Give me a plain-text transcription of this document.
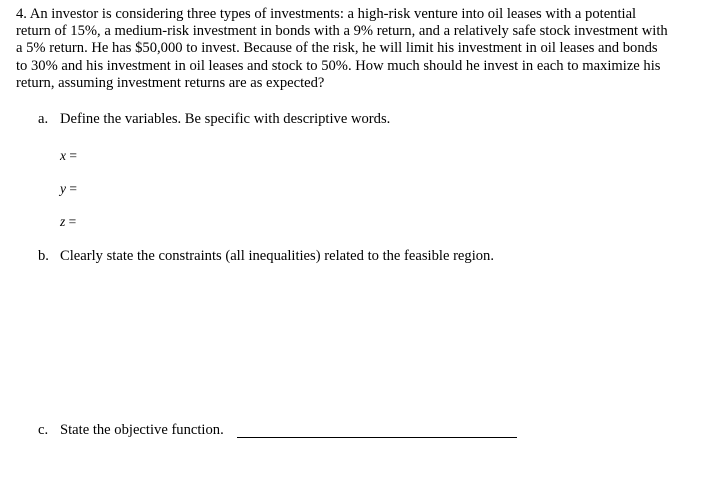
4. An investor is considering three types of investments: a high-risk venture into oil leases with a potential
return of 15%, a medium-risk investment in bonds with a 9% return, and a relatively safe stock investment with
a 5% return. He has $50,000 to invest. Because of the risk, he will limit his investment in oil leases and bonds
to 30% and his investment in oil leases and stock to 50%. How much should he invest in each to maximize his
return, assuming investment returns are as expected?
a. Define the variables. Be specific with descriptive words.
x =
y =
z =
b. Clearly state the constraints (all inequalities) related to the feasible region.
c. State the objective function.
